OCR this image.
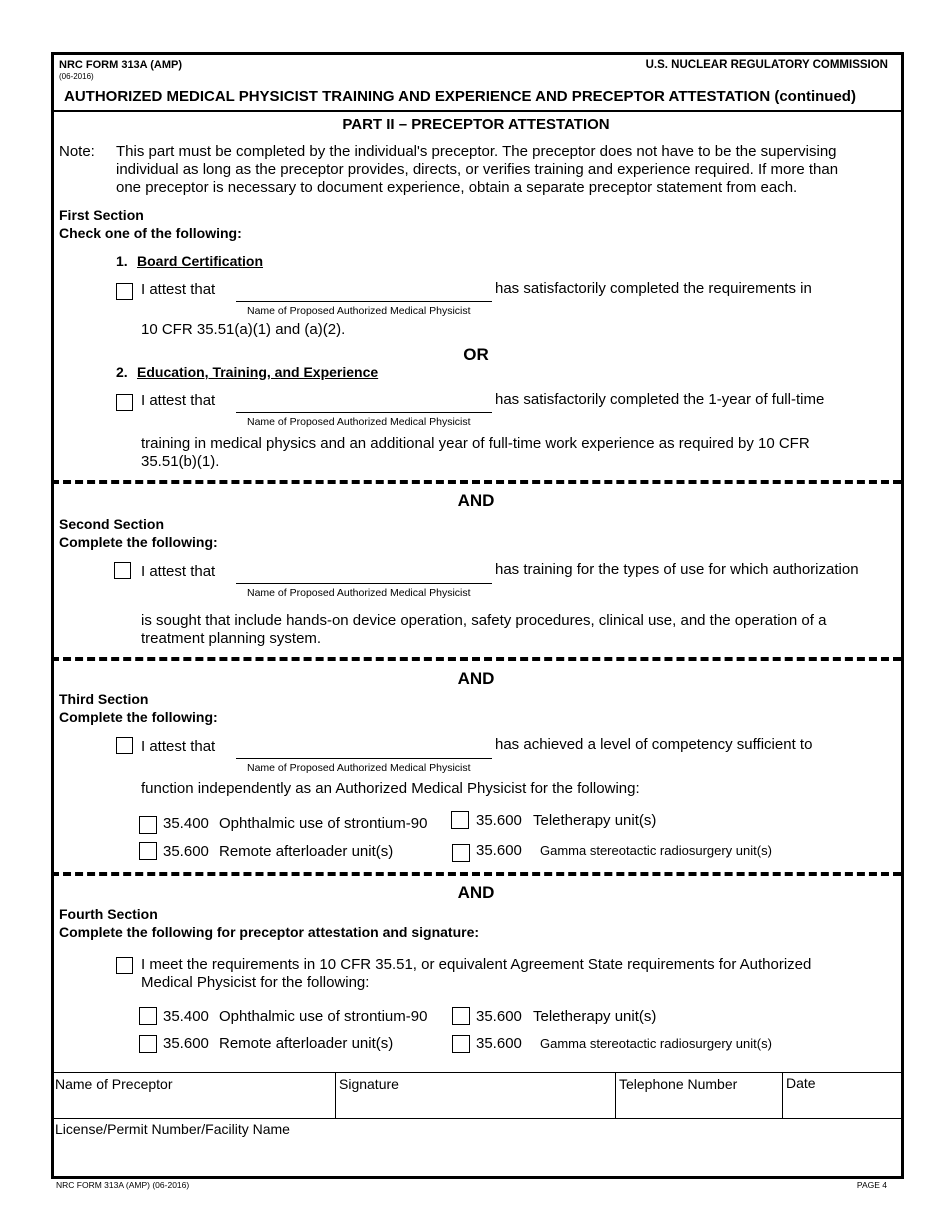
NRC FORM 313A (AMP)
(06-2016)
U.S. NUCLEAR REGULATORY COMMISSION
AUTHORIZED MEDICAL PHYSICIST TRAINING AND EXPERIENCE AND PRECEPTOR ATTESTATION (continued)
PART II – PRECEPTOR ATTESTATION
Note: This part must be completed by the individual's preceptor. The preceptor does not have to be the supervising
individual as long as the preceptor provides, directs, or verifies training and experience required. If more than
one preceptor is necessary to document experience, obtain a separate preceptor statement from each.
First Section
Check one of the following:
1. Board Certification
I attest that
Name of Proposed Authorized Medical Physicist
has satisfactorily completed the requirements in
10 CFR 35.51(a)(1) and (a)(2).
OR
2. Education, Training, and Experience
I attest that
Name of Proposed Authorized Medical Physicist
has satisfactorily completed the 1-year of full-time
training in medical physics and an additional year of full-time work experience as required by 10 CFR
35.51(b)(1).
AND
Second Section
Complete the following:
I attest that
Name of Proposed Authorized Medical Physicist
has training for the types of use for which authorization
is sought that include hands-on device operation, safety procedures, clinical use, and the operation of a
treatment planning system.
AND
Third Section
Complete the following:
I attest that
Name of Proposed Authorized Medical Physicist
has achieved a level of competency sufficient to
function independently as an Authorized Medical Physicist for the following:
35.400 Ophthalmic use of strontium-90	35.600 Teletherapy unit(s)
35.600 Remote afterloader unit(s)	35.600 Gamma stereotactic radiosurgery unit(s)
AND
Fourth Section
Complete the following for preceptor attestation and signature:
I meet the requirements in 10 CFR 35.51, or equivalent Agreement State requirements for Authorized
Medical Physicist for the following:
35.400 Ophthalmic use of strontium-90	35.600 Teletherapy unit(s)
35.600 Remote afterloader unit(s)	35.600 Gamma stereotactic radiosurgery unit(s)
Name of Preceptor	Signature	Telephone Number	Date
License/Permit Number/Facility Name
NRC FORM 313A (AMP) (06-2016)	PAGE 4
